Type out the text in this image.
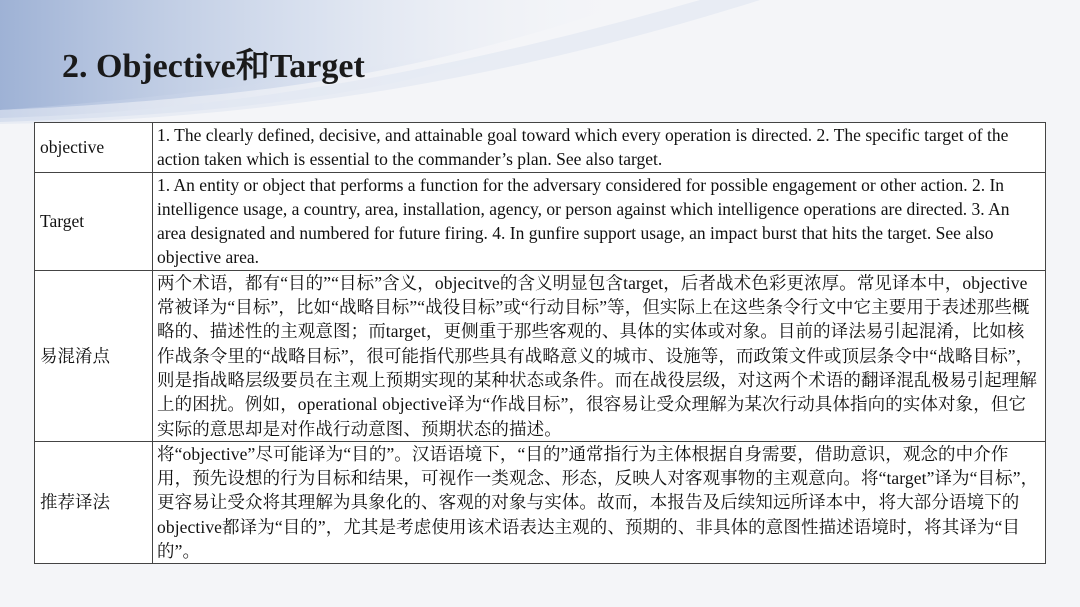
2. Objective和Target
objective	1. The clearly defined, decisive, and attainable goal toward which every operation is directed. 2. The specific target of the action taken which is essential to the commander’s plan. See also target.
Target	1. An entity or object that performs a function for the adversary considered for possible engagement or other action. 2. In intelligence usage, a country, area, installation, agency, or person against which intelligence operations are directed. 3. An area designated and numbered for future firing. 4. In gunfire support usage, an impact burst that hits the target. See also objective area.
易混淆点	两个术语，都有“目的”“目标”含义，objecitve的含义明显包含target，后者战术色彩更浓厚。常见译本中，objective常被译为“目标”，比如“战略目标”“战役目标”或“行动目标”等，但实际上在这些条令行文中它主要用于表述那些概略的、描述性的主观意图；而target，更侧重于那些客观的、具体的实体或对象。目前的译法易引起混淆，比如核作战条令里的“战略目标”，很可能指代那些具有战略意义的城市、设施等，而政策文件或顶层条令中“战略目标”，则是指战略层级要员在主观上预期实现的某种状态或条件。而在战役层级，对这两个术语的翻译混乱极易引起理解上的困扰。例如，operational objective译为“作战目标”，很容易让受众理解为某次行动具体指向的实体对象，但它实际的意思却是对作战行动意图、预期状态的描述。
推荐译法	将“objective”尽可能译为“目的”。汉语语境下，“目的”通常指行为主体根据自身需要，借助意识，观念的中介作用，预先设想的行为目标和结果，可视作一类观念、形态，反映人对客观事物的主观意向。将“target”译为“目标”，更容易让受众将其理解为具象化的、客观的对象与实体。故而，本报告及后续知远所译本中，将大部分语境下的objective都译为“目的”，尤其是考虑使用该术语表达主观的、预期的、非具体的意图性描述语境时，将其译为“目的”。
